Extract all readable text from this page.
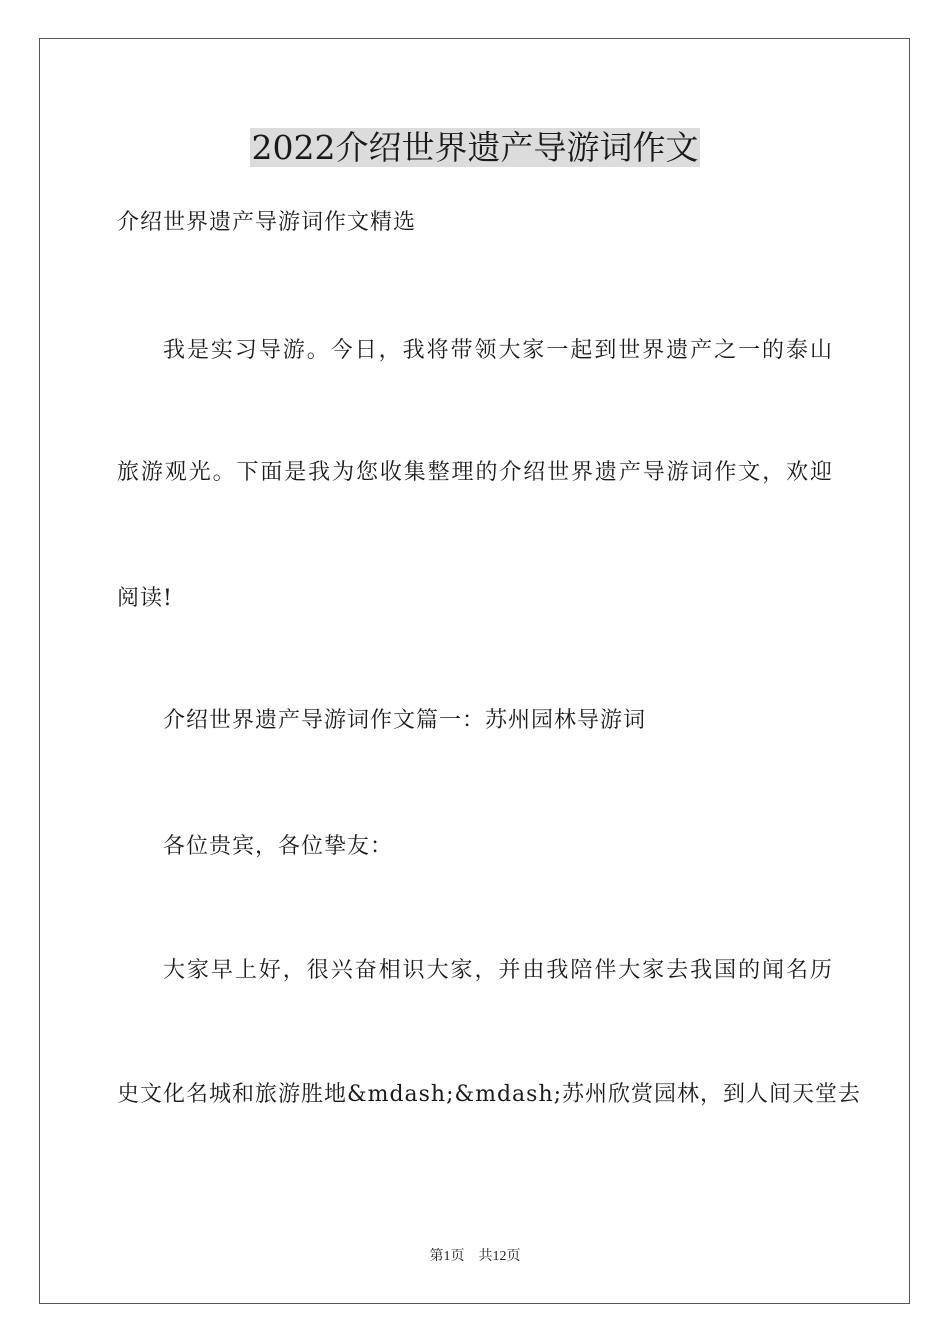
2022介绍世界遗产导游词作文

介绍世界遗产导游词作文精选

我是实习导游。今日，我将带领大家一起到世界遗产之一的泰山

旅游观光。下面是我为您收集整理的介绍世界遗产导游词作文，欢迎

阅读!

介绍世界遗产导游词作文篇一：苏州园林导游词

各位贵宾，各位挚友：

大家早上好，很兴奋相识大家，并由我陪伴大家去我国的闻名历

史文化名城和旅游胜地&mdash;&mdash;苏州欣赏园林，到人间天堂去

第1页 共12页
